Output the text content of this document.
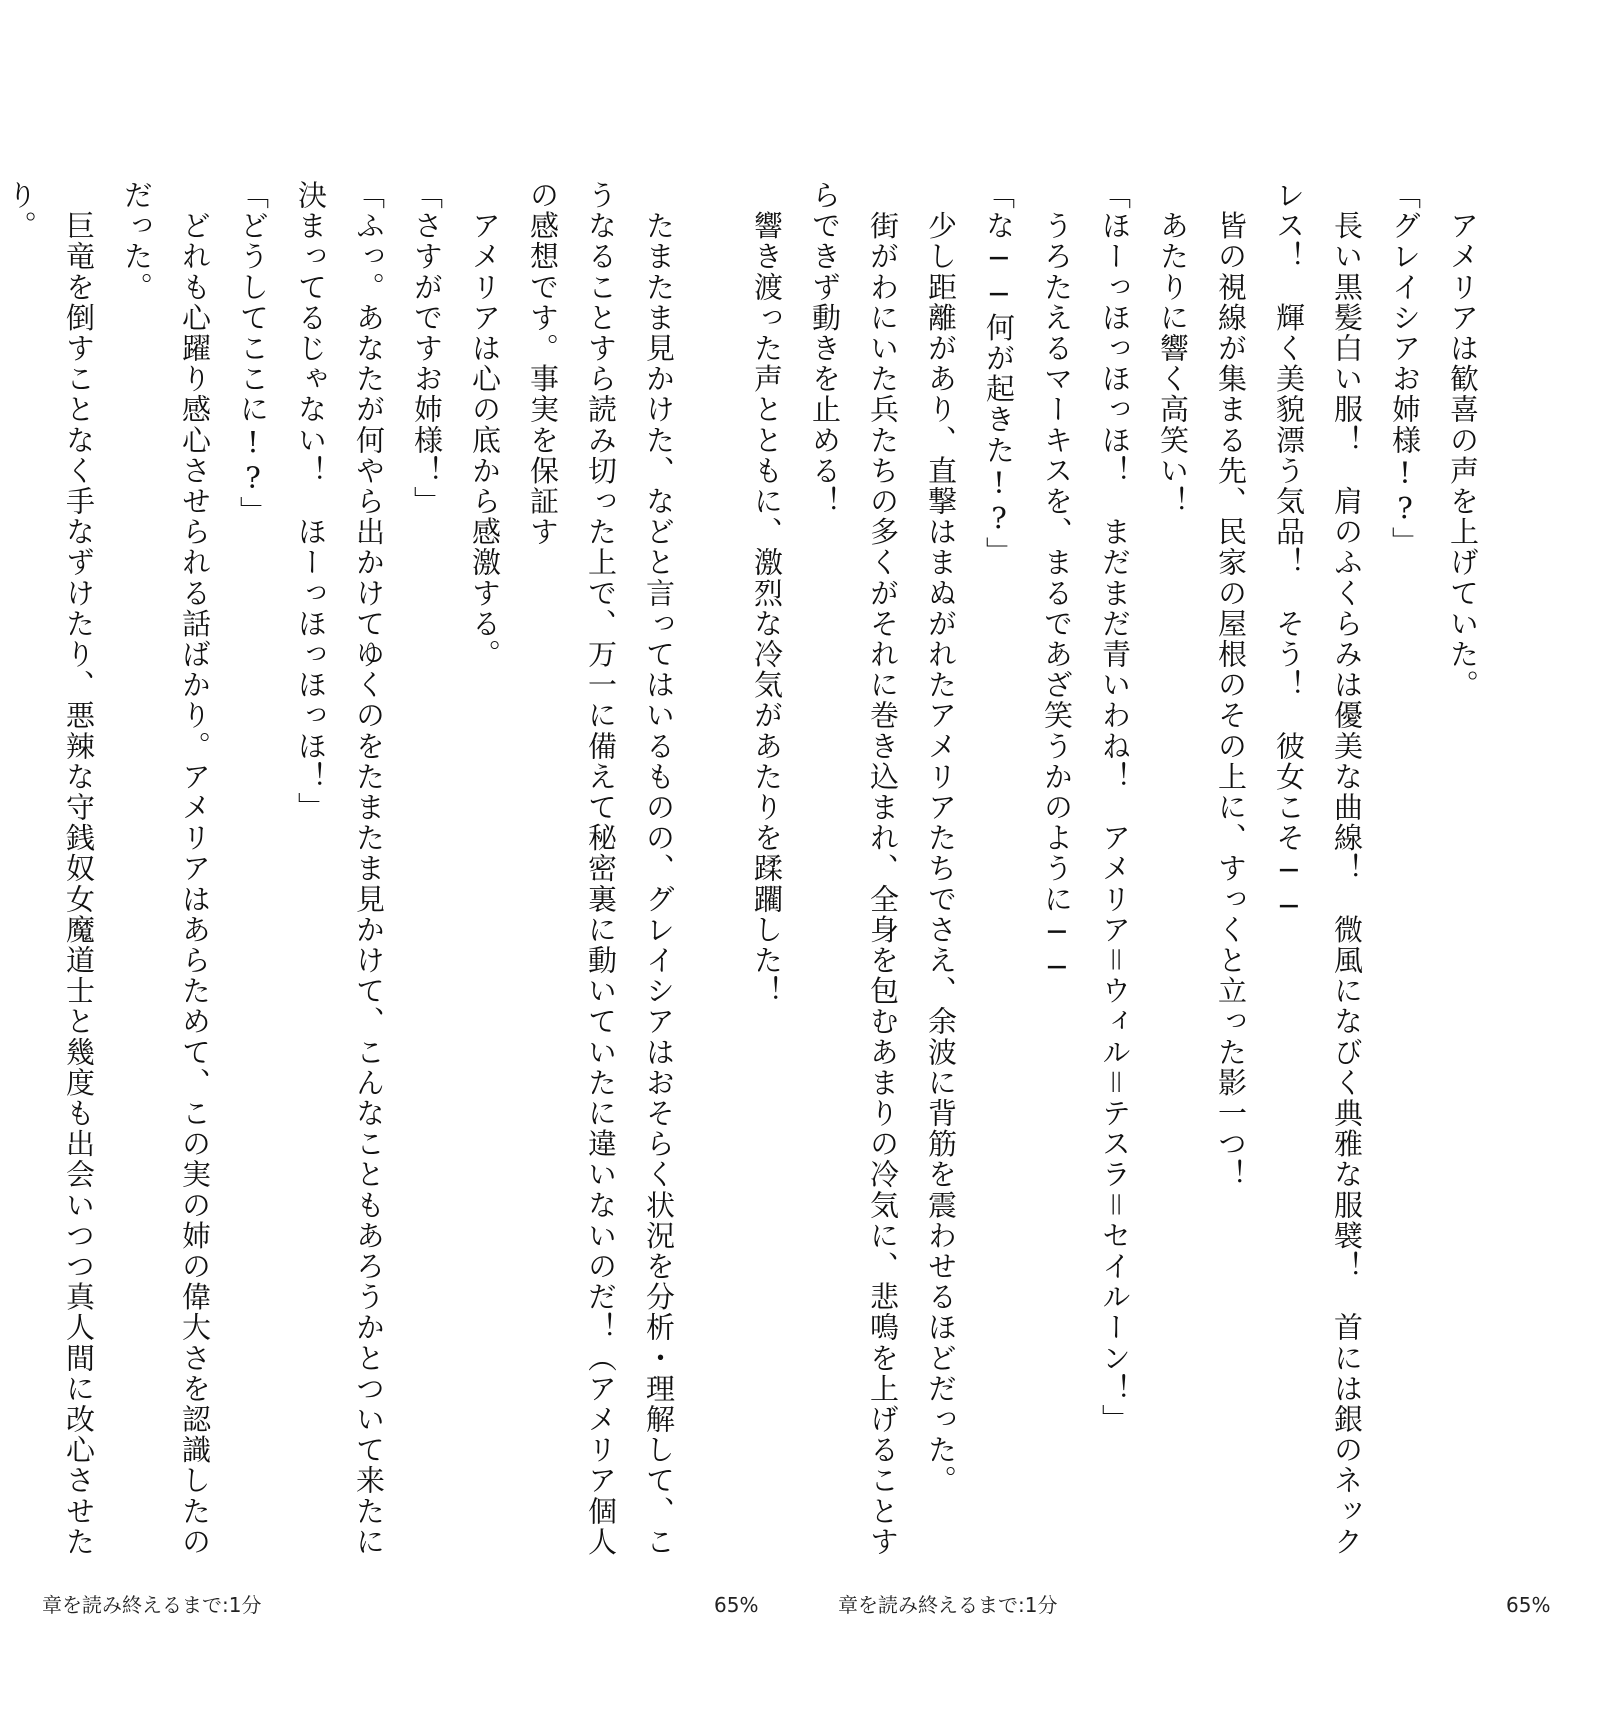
　たまたま見かけた、などと言ってはいるものの、グレイシアはおそらく状況を分析・理解して、こうなることすら読み切った上で、万一に備えて秘密裏に動いていたに違いないのだ！（アメリア個人の感想です。事実を保証す

　アメリアは心の底から感激する。

「さすがですお姉様！」

「ふっ。あなたが何やら出かけてゆくのをたまたま見かけて、こんなこともあろうかとついて来たに決まってるじゃない！　ほーっほっほっほ！」

「どうしてここに!?」

　どれも心躍り感心させられる話ばかり。アメリアはあらためて、この実の姉の偉大さを認識したのだった。

　巨竜を倒すことなく手なずけたり、悪辣な守銭奴女魔道士と幾度も出会いつつ真人間に改心させたり。

章を読み終えるまで:1分	65%

　アメリアは歓喜の声を上げていた。

「グレイシアお姉様!?」

　長い黒髪白い服！　肩のふくらみは優美な曲線！　微風になびく典雅な服襞！　首には銀のネックレス！　輝く美貌漂う気品！　そう！　彼女こそ──

　皆の視線が集まる先、民家の屋根のその上に、すっくと立った影一つ！

　あたりに響く高笑い！

「ほーっほっほっほ！　まだまだ青いわね！　アメリア＝ウィル＝テスラ＝セイルーン！」

　うろたえるマーキスを、まるであざ笑うかのように──

「な──何が起きた!?」

　少し距離があり、直撃はまぬがれたアメリアたちでさえ、余波に背筋を震わせるほどだった。

　街がわにいた兵たちの多くがそれに巻き込まれ、全身を包むあまりの冷気に、悲鳴を上げることすらできず動きを止める！

　響き渡った声とともに、激烈な冷気があたりを蹂躙した！

章を読み終えるまで:1分	65%
